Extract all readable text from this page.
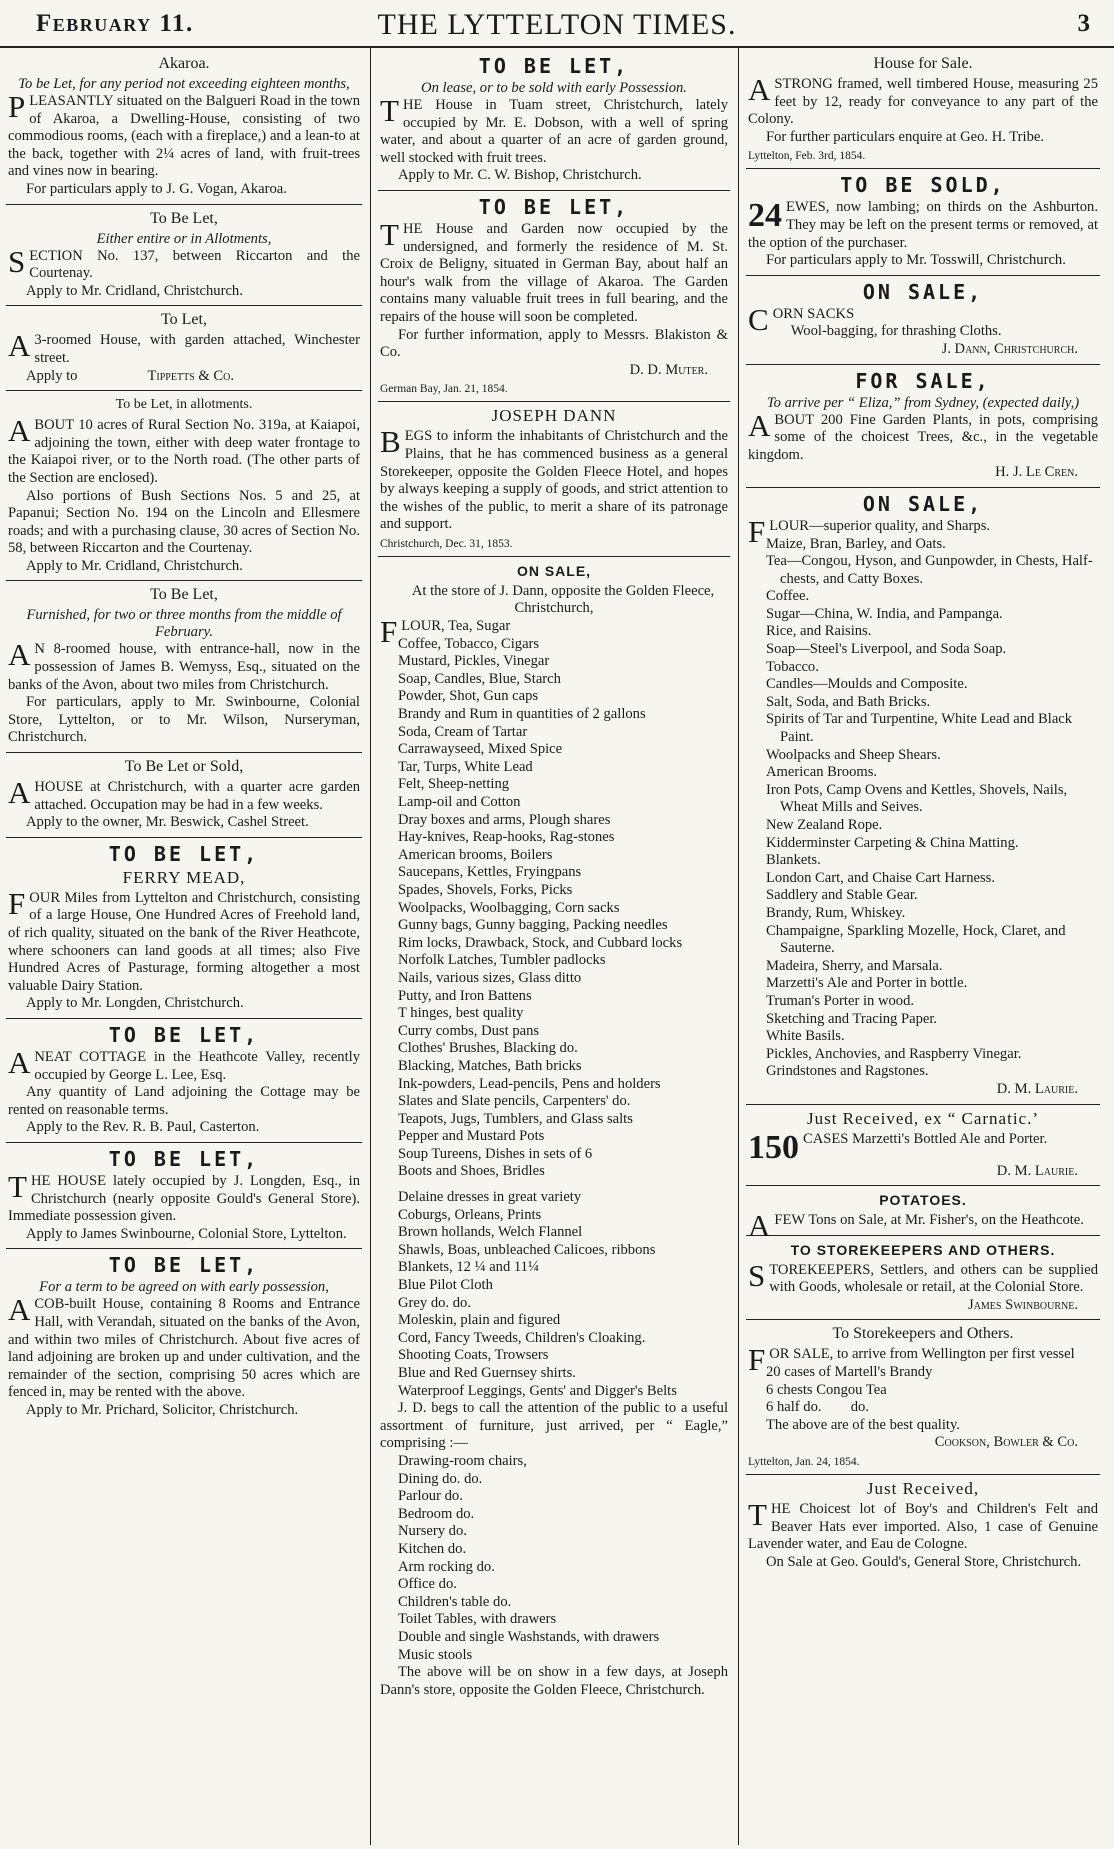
February 11.	THE LYTTELTON TIMES.	3
Akaroa.
To be Let, for any period not exceeding eighteen months,

PLEASANTLY situated on the Balgueri Road in the town of Akaroa, a Dwelling-House, consisting of two commodious rooms, (each with a fireplace,) and a lean-to at the back, together with 2¼ acres of land, with fruit-trees and vines now in bearing.

For particulars apply to J. G. Vogan, Akaroa.

To Be Let,
Either entire or in Allotments,

SECTION No. 137, between Riccarton and the Courtenay.

Apply to Mr. Cridland, Christchurch.

To Let,

A 3-roomed House, with garden attached, Winchester street.

Apply to	Tippetts & Co.

To be Let, in allotments.

ABOUT 10 acres of Rural Section No. 319a, at Kaiapoi, adjoining the town, either with deep water frontage to the Kaiapoi river, or to the North road. (The other parts of the Section are enclosed).

Also portions of Bush Sections Nos. 5 and 25, at Papanui; Section No. 194 on the Lincoln and Ellesmere roads; and with a purchasing clause, 30 acres of Section No. 58, between Riccarton and the Courtenay.

Apply to Mr. Cridland, Christchurch.

To Be Let,
Furnished, for two or three months from the middle of February.

A N 8-roomed house, with entrance-hall, now in the possession of James B. Wemyss, Esq., situated on the banks of the Avon, about two miles from Christchurch.

For particulars, apply to Mr. Swinbourne, Colonial Store, Lyttelton, or to Mr. Wilson, Nurseryman, Christchurch.

To Be Let or Sold,

AHOUSE at Christchurch, with a quarter acre garden attached. Occupation may be had in a few weeks.

Apply to the owner, Mr. Beswick, Cashel Street.

TO BE LET,
FERRY MEAD,

FOUR Miles from Lyttelton and Christchurch, consisting of a large House, One Hundred Acres of Freehold land, of rich quality, situated on the bank of the River Heathcote, where schooners can land goods at all times; also Five Hundred Acres of Pasturage, forming altogether a most valuable Dairy Station.

Apply to Mr. Longden, Christchurch.

TO BE LET,

ANEAT COTTAGE in the Heathcote Valley, recently occupied by George L. Lee, Esq.

Any quantity of Land adjoining the Cottage may be rented on reasonable terms.

Apply to the Rev. R. B. Paul, Casterton.

TO BE LET,

THE HOUSE lately occupied by J. Longden, Esq., in Christchurch (nearly opposite Gould's General Store). Immediate possession given.

Apply to James Swinbourne, Colonial Store, Lyttelton.

TO BE LET,
For a term to be agreed on with early possession,

ACOB-built House, containing 8 Rooms and Entrance Hall, with Verandah, situated on the banks of the Avon, and within two miles of Christchurch. About five acres of land adjoining are broken up and under cultivation, and the remainder of the section, comprising 50 acres which are fenced in, may be rented with the above.

Apply to Mr. Prichard, Solicitor, Christchurch.

TO BE LET,
On lease, or to be sold with early Possession.

THE House in Tuam street, Christchurch, lately occupied by Mr. E. Dobson, with a well of spring water, and about a quarter of an acre of garden ground, well stocked with fruit trees.

Apply to Mr. C. W. Bishop, Christchurch.

TO BE LET,

THE House and Garden now occupied by the undersigned, and formerly the residence of M. St. Croix de Beligny, situated in German Bay, about half an hour's walk from the village of Akaroa. The Garden contains many valuable fruit trees in full bearing, and the repairs of the house will soon be completed.

For further information, apply to Messrs. Blakiston & Co.

D. D. Muter.

German Bay, Jan. 21, 1854.

JOSEPH DANN

BEGS to inform the inhabitants of Christchurch and the Plains, that he has commenced business as a general Storekeeper, opposite the Golden Fleece Hotel, and hopes by always keeping a supply of goods, and strict attention to the wishes of the public, to merit a share of its patronage and support.

Christchurch, Dec. 31, 1853.

ON SALE,

At the store of J. Dann, opposite the Golden Fleece, Christchurch,

FLOUR, Tea, Sugar

Coffee, Tobacco, Cigars
Mustard, Pickles, Vinegar
Soap, Candles, Blue, Starch
Powder, Shot, Gun caps
Brandy and Rum in quantities of 2 gallons
Soda, Cream of Tartar
Carrawayseed, Mixed Spice
Tar, Turps, White Lead
Felt, Sheep-netting
Lamp-oil and Cotton
Dray boxes and arms, Plough shares
Hay-knives, Reap-hooks, Rag-stones
American brooms, Boilers
Saucepans, Kettles, Fryingpans
Spades, Shovels, Forks, Picks
Woolpacks, Woolbagging, Corn sacks
Gunny bags, Gunny bagging, Packing needles
Rim locks, Drawback, Stock, and Cubbard locks
Norfolk Latches, Tumbler padlocks
Nails, various sizes, Glass ditto
Putty, and Iron Battens
T hinges, best quality
Curry combs, Dust pans
Clothes' Brushes, Blacking do.
Blacking, Matches, Bath bricks
Ink-powders, Lead-pencils, Pens and holders
Slates and Slate pencils, Carpenters' do.
Teapots, Jugs, Tumblers, and Glass salts
Pepper and Mustard Pots
Soup Tureens, Dishes in sets of 6
Boots and Shoes, Bridles
Delaine dresses in great variety
Coburgs, Orleans, Prints
Brown hollands, Welch Flannel
Shawls, Boas, unbleached Calicoes, ribbons
Blankets, 12 ¼ and 11¼
Blue Pilot Cloth
Grey do. do.
Moleskin, plain and figured
Cord, Fancy Tweeds, Children's Cloaking.
Shooting Coats, Trowsers
Blue and Red Guernsey shirts.
Waterproof Leggings, Gents' and Digger's Belts

J. D. begs to call the attention of the public to a useful assortment of furniture, just arrived, per “ Eagle,” comprising :—

Drawing-room chairs,
Dining do. do.
Parlour do.
Bedroom do.
Nursery do.
Kitchen do.
Arm rocking do.
Office do.
Children's table do.
Toilet Tables, with drawers
Double and single Washstands, with drawers
Music stools

The above will be on show in a few days, at Joseph Dann's store, opposite the Golden Fleece, Christchurch.

House for Sale.

ASTRONG framed, well timbered House, measuring 25 feet by 12, ready for conveyance to any part of the Colony.

For further particulars enquire at Geo. H. Tribe.

Lyttelton, Feb. 3rd, 1854.

TO BE SOLD,

24 EWES, now lambing; on thirds on the Ashburton. They may be left on the present terms or removed, at the option of the purchaser.

For particulars apply to Mr. Tosswill, Christchurch.

ON SALE,

CORN SACKS

Wool-bagging, for thrashing Cloths.

J. Dann, Christchurch.

FOR SALE,
To arrive per “ Eliza,” from Sydney, (expected daily,)

ABOUT 200 Fine Garden Plants, in pots, comprising some of the choicest Trees, &c., in the vegetable kingdom.

H. J. Le Cren.

ON SALE,

FLOUR—superior quality, and Sharps.

Maize, Bran, Barley, and Oats.
Tea—Congou, Hyson, and Gunpowder, in Chests, Half-chests, and Catty Boxes.
Coffee.
Sugar—China, W. India, and Pampanga.
Rice, and Raisins.
Soap—Steel's Liverpool, and Soda Soap.
Tobacco.
Candles—Moulds and Composite.
Salt, Soda, and Bath Bricks.
Spirits of Tar and Turpentine, White Lead and Black Paint.
Woolpacks and Sheep Shears.
American Brooms.
Iron Pots, Camp Ovens and Kettles, Shovels, Nails, Wheat Mills and Seives.
New Zealand Rope.
Kidderminster Carpeting & China Matting.
Blankets.
London Cart, and Chaise Cart Harness.
Saddlery and Stable Gear.
Brandy, Rum, Whiskey.
Champaigne, Sparkling Mozelle, Hock, Claret, and Sauterne.
Madeira, Sherry, and Marsala.
Marzetti's Ale and Porter in bottle.
Truman's Porter in wood.
Sketching and Tracing Paper.
White Basils.
Pickles, Anchovies, and Raspberry Vinegar.
Grindstones and Ragstones.

D. M. Laurie.

Just Received, ex “ Carnatic.’

150 CASES Marzetti's Bottled Ale and Porter.

D. M. Laurie.

POTATOES.

AFEW Tons on Sale, at Mr. Fisher's, on the Heathcote.

TO STOREKEEPERS AND OTHERS.

STOREKEEPERS, Settlers, and others can be supplied with Goods, wholesale or retail, at the Colonial Store.

James Swinbourne.

To Storekeepers and Others.

FOR SALE, to arrive from Wellington per first vessel

20 cases of Martell's Brandy
6 chests Congou Tea
6 half do.        do.

The above are of the best quality.

Cookson, Bowler & Co.

Lyttelton, Jan. 24, 1854.

Just Received,

THE Choicest lot of Boy's and Children's Felt and Beaver Hats ever imported. Also, 1 case of Genuine Lavender water, and Eau de Cologne.

On Sale at Geo. Gould's, General Store, Christchurch.
